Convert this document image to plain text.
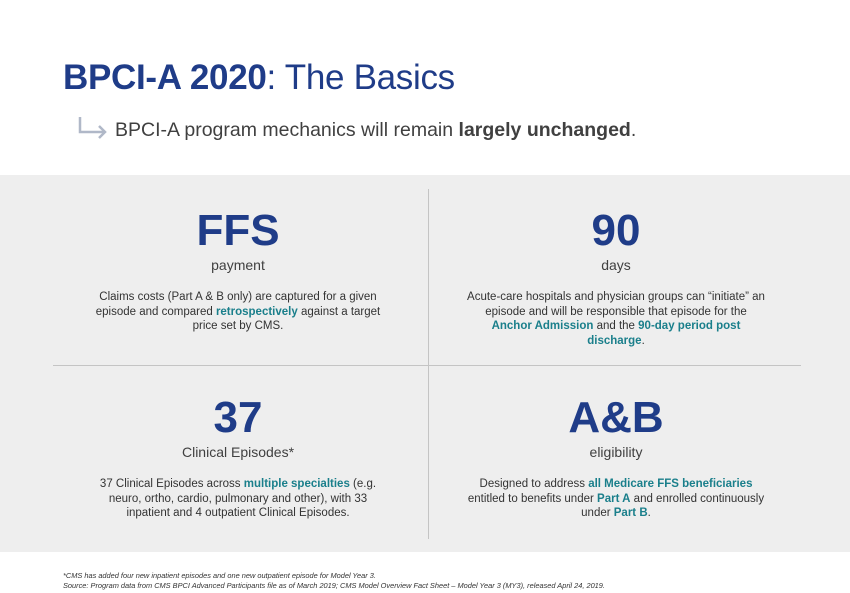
BPCI-A 2020: The Basics
BPCI-A program mechanics will remain largely unchanged.
FFS
payment
Claims costs (Part A & B only) are captured for a given episode and compared retrospectively against a target price set by CMS.
90
days
Acute-care hospitals and physician groups can “initiate” an episode and will be responsible that episode for the Anchor Admission and the 90-day period post discharge.
37
Clinical Episodes*
37 Clinical Episodes across multiple specialties (e.g. neuro, ortho, cardio, pulmonary and other), with 33 inpatient and 4 outpatient Clinical Episodes.
A&B
eligibility
Designed to address all Medicare FFS beneficiaries entitled to benefits under Part A and enrolled continuously under Part B.
*CMS has added four new inpatient episodes and one new outpatient episode for Model Year 3.
Source: Program data from CMS BPCI Advanced Participants file as of March 2019; CMS Model Overview Fact Sheet – Model Year 3 (MY3), released April 24, 2019.
